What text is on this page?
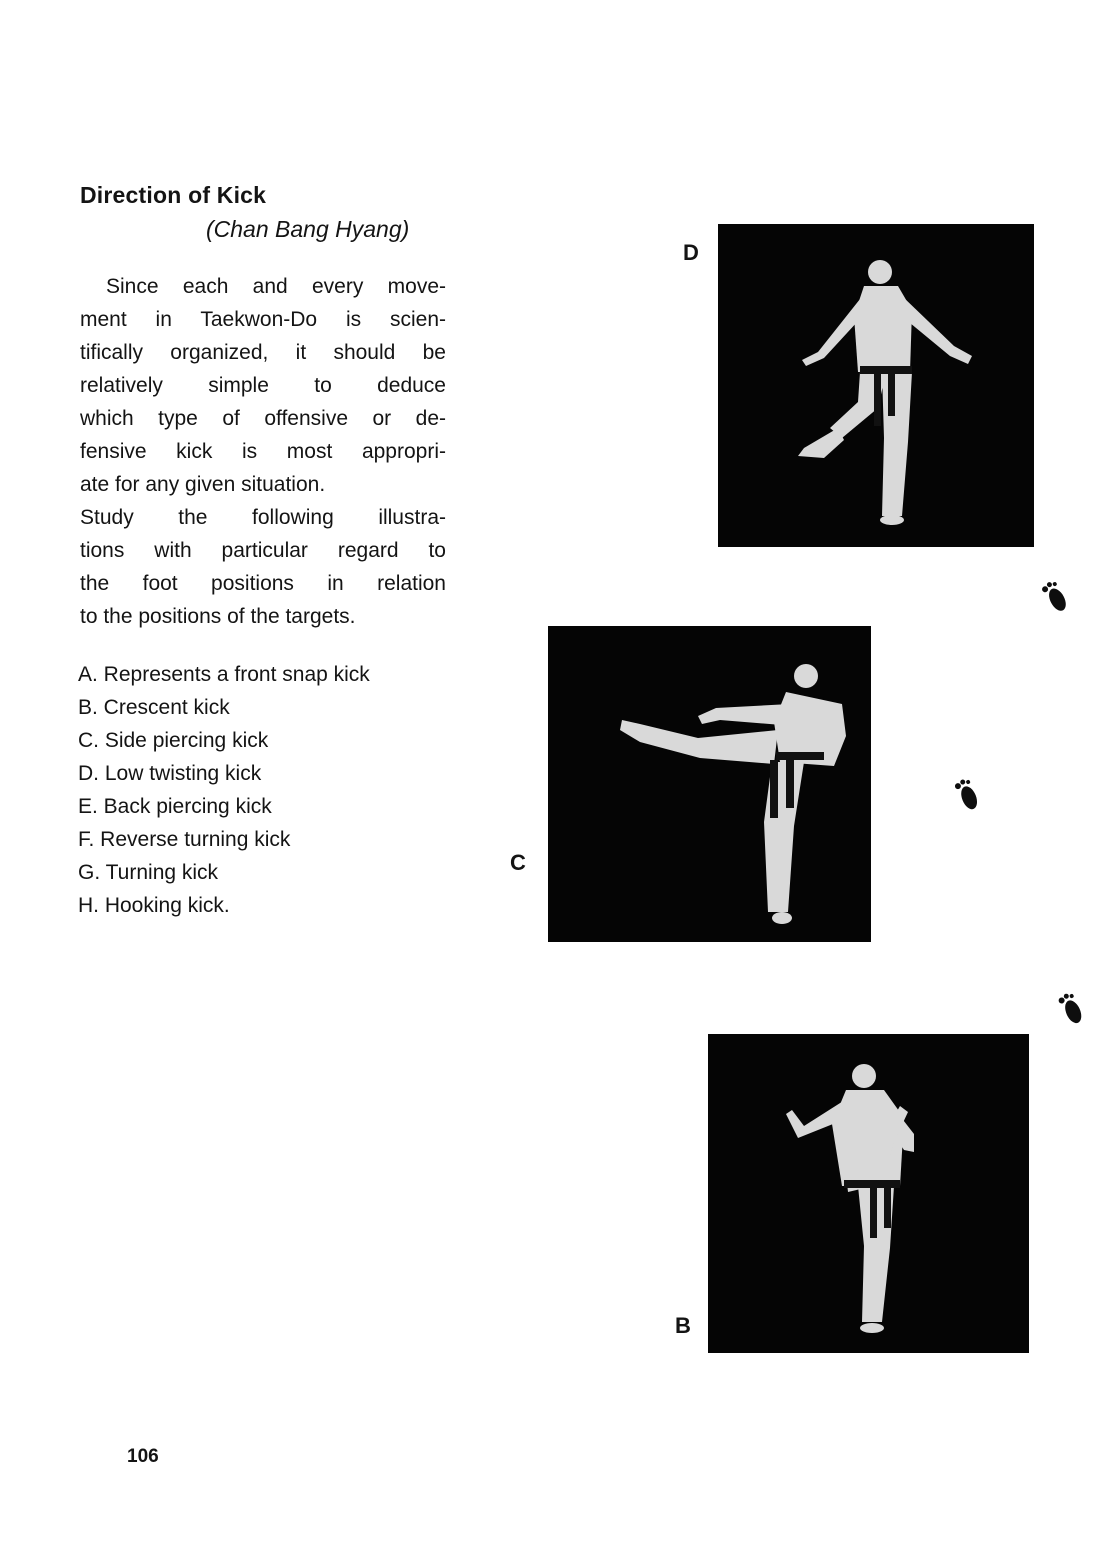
Direction of Kick
(Chan Bang Hyang)
Since each and every move-
ment in Taekwon-Do is scien-
tifically organized, it should be
relatively simple to deduce
which type of offensive or de-
fensive kick is most appropri-
ate for any given situation.
Study the following illustra-
tions with particular regard to
the foot positions in relation
to the positions of the targets.
A. Represents a front snap kick
B. Crescent kick
C. Side piercing kick
D. Low twisting kick
E. Back piercing kick
F. Reverse turning kick
G. Turning kick
H. Hooking kick.
D
C
B
106
